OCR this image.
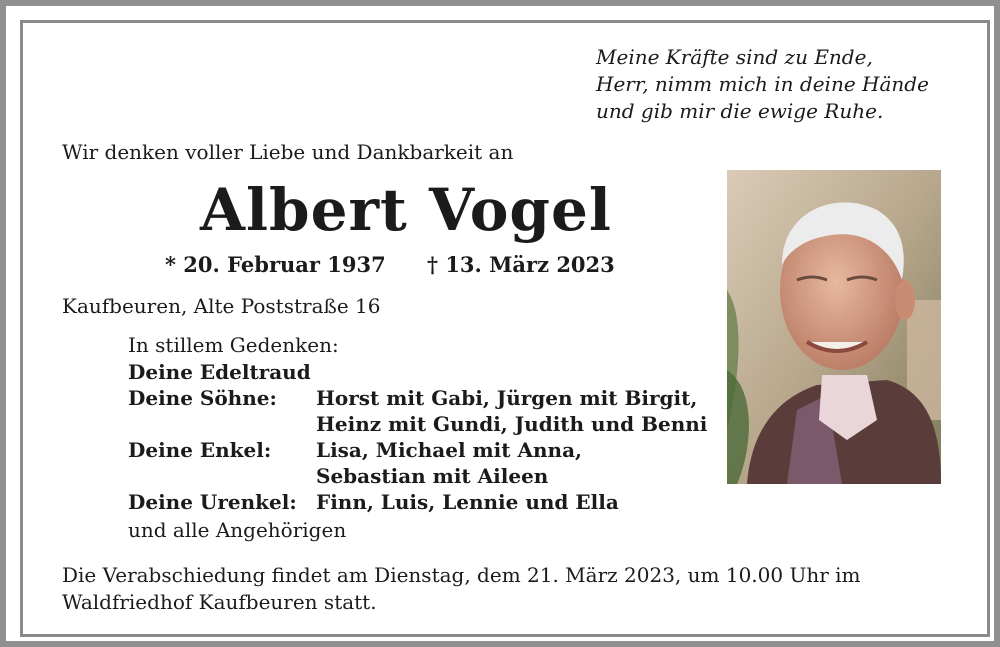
Meine Kräfte sind zu Ende,
Herr, nimm mich in deine Hände
und gib mir die ewige Ruhe.
Wir denken voller Liebe und Dankbarkeit an
Albert Vogel
* 20. Februar 1937 † 13. März 2023
Kaufbeuren, Alte Poststraße 16
In stillem Gedenken:
Deine Edeltraud
Deine Söhne:	Horst mit Gabi, Jürgen mit Birgit,
Heinz mit Gundi, Judith und Benni
Deine Enkel:	Lisa, Michael mit Anna,
Sebastian mit Aileen
Deine Urenkel: Finn, Luis, Lennie und Ella
und alle Angehörigen
Die Verabschiedung findet am Dienstag, dem 21. März 2023, um 10.00 Uhr im
Waldfriedhof Kaufbeuren statt.
